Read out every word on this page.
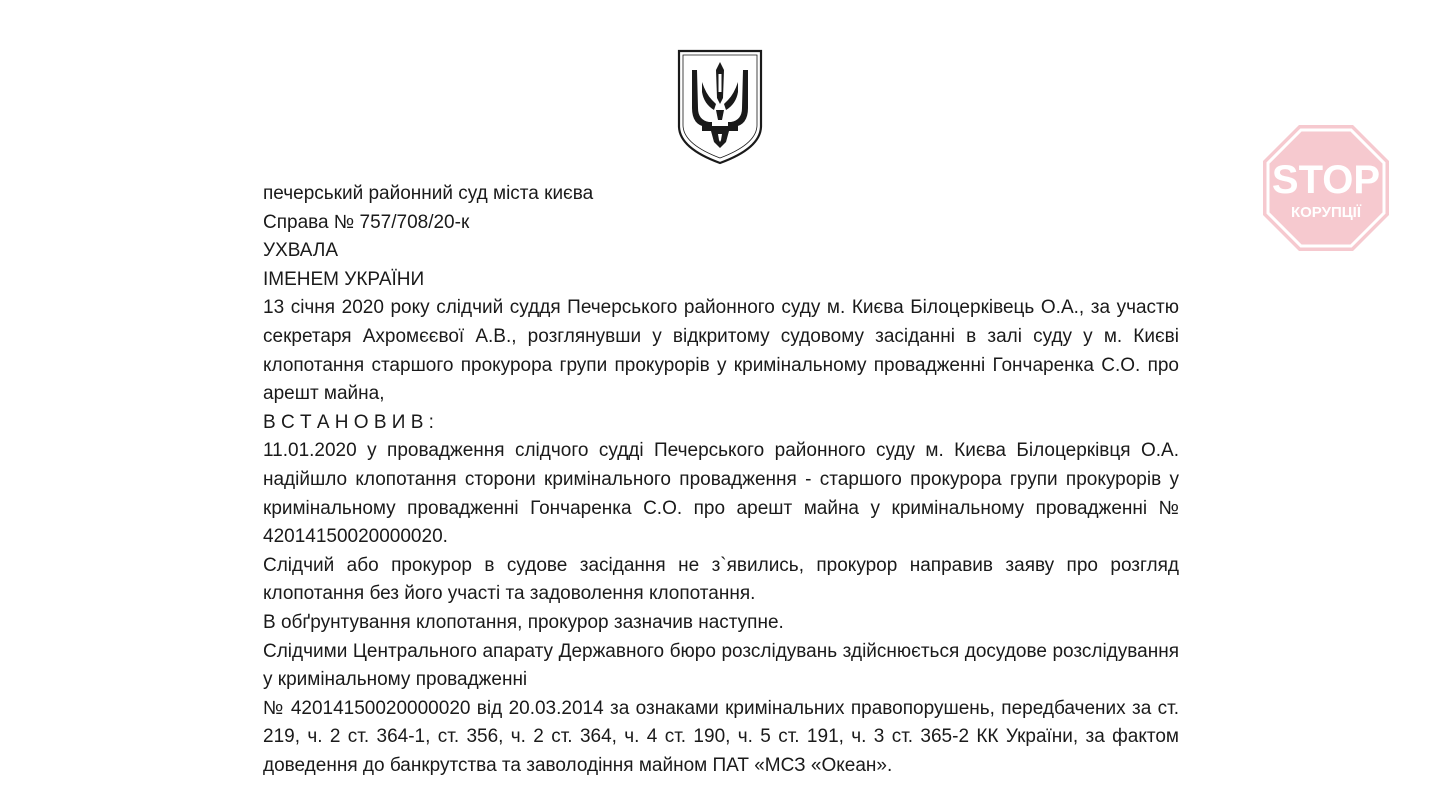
STOP
КОРУПЦІЇ
печерський районний суд міста києва
Справа № 757/708/20-к
УХВАЛА
ІМЕНЕМ УКРАЇНИ
13 січня 2020 року слідчий суддя Печерського районного суду м. Києва Білоцерківець О.А., за участю секретаря Ахромєєвої А.В., розглянувши у відкритому судовому засіданні в залі суду у м. Києві клопотання старшого прокурора групи прокурорів у кримінальному провадженні Гончаренка С.О. про арешт майна,
В С Т А Н О В И В :
11.01.2020 у провадження слідчого судді Печерського районного суду м. Києва Білоцерківця О.А. надійшло клопотання сторони кримінального провадження - старшого прокурора групи прокурорів у кримінальному провадженні Гончаренка С.О. про арешт майна у кримінальному провадженні № 42014150020000020.
Слідчий або прокурор в судове засідання не з`явились, прокурор направив заяву про розгляд клопотання без його участі та задоволення клопотання.
В обґрунтування клопотання, прокурор зазначив наступне.
Слідчими Центрального апарату Державного бюро розслідувань здійснюється досудове розслідування у кримінальному провадженні
№ 42014150020000020 від 20.03.2014 за ознаками кримінальних правопорушень, передбачених за ст. 219, ч. 2 ст. 364-1, ст. 356, ч. 2 ст. 364, ч. 4 ст. 190, ч. 5 ст. 191, ч. 3 ст. 365-2 КК України, за фактом доведення до банкрутства та заволодіння майном ПАТ «МСЗ «Океан».
